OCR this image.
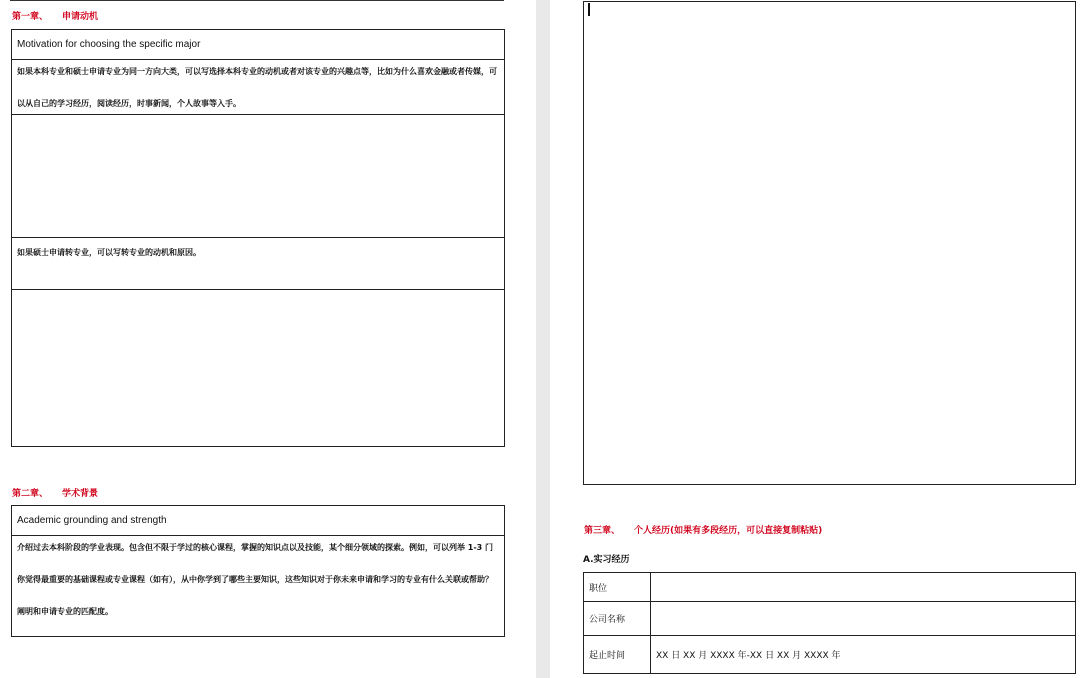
第一章、 申请动机
Motivation for choosing the specific major
如果本科专业和硕士申请专业为同一方向大类，可以写选择本科专业的动机或者对该专业的兴趣点等，比如为什么喜欢金融或者传媒，可以从自己的学习经历，阅读经历，时事新闻，个人故事等入手。
如果硕士申请转专业，可以写转专业的动机和原因。
第二章、 学术背景
Academic grounding and strength
介绍过去本科阶段的学业表现。包含但不限于学过的核心课程，掌握的知识点以及技能，某个细分领域的探索。例如，可以列举 1-3 门你觉得最重要的基础课程或专业课程（如有），从中你学到了哪些主要知识，这些知识对于你未来申请和学习的专业有什么关联或帮助？阐明和申请专业的匹配度。
第三章、 个人经历(如果有多段经历，可以直接复制粘贴)
A.实习经历
职位	
公司名称	
起止时间	XX 日 XX 月 XXXX 年-XX 日 XX 月 XXXX 年
